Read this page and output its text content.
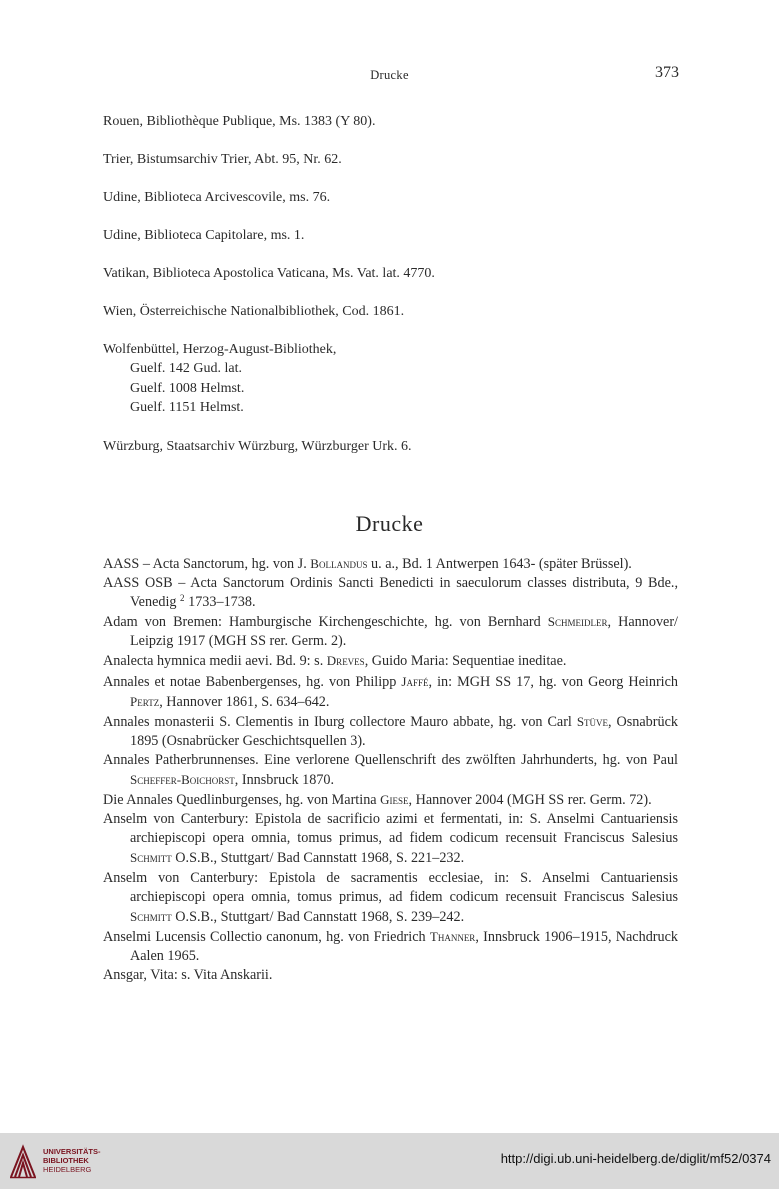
Drucke	373

Rouen, Bibliothèque Publique, Ms. 1383 (Y 80).

Trier, Bistumsarchiv Trier, Abt. 95, Nr. 62.

Udine, Biblioteca Arcivescovile, ms. 76.

Udine, Biblioteca Capitolare, ms. 1.

Vatikan, Biblioteca Apostolica Vaticana, Ms. Vat. lat. 4770.

Wien, Österreichische Nationalbibliothek, Cod. 1861.

Wolfenbüttel, Herzog-August-Bibliothek,

Guelf. 142 Gud. lat.
Guelf. 1008 Helmst.
Guelf. 1151 Helmst.

Würzburg, Staatsarchiv Würzburg, Würzburger Urk. 6.

Drucke

AASS – Acta Sanctorum, hg. von J. Bollandus u. a., Bd. 1 Antwerpen 1643- (später Brüssel).

AASS OSB – Acta Sanctorum Ordinis Sancti Benedicti in saeculorum classes distributa, 9 Bde., Venedig $^2$ 1733–1738.

Adam von Bremen: Hamburgische Kirchengeschichte, hg. von Bernhard Schmeidler, Hannover/ Leipzig 1917 (MGH SS rer. Germ. 2).

Analecta hymnica medii aevi. Bd. 9: s. Dreves, Guido Maria: Sequentiae ineditae.

Annales et notae Babenbergenses, hg. von Philipp Jaffé, in: MGH SS 17, hg. von Georg Heinrich Pertz, Hannover 1861, S. 634–642.

Annales monasterii S. Clementis in Iburg collectore Mauro abbate, hg. von Carl Stüve, Osnabrück 1895 (Osnabrücker Geschichtsquellen 3).

Annales Patherbrunnenses. Eine verlorene Quellenschrift des zwölften Jahrhunderts, hg. von Paul Scheffer-Boichorst, Innsbruck 1870.

Die Annales Quedlinburgenses, hg. von Martina Giese, Hannover 2004 (MGH SS rer. Germ. 72).

Anselm von Canterbury: Epistola de sacrificio azimi et fermentati, in: S. Anselmi Cantuariensis archiepiscopi opera omnia, tomus primus, ad fidem codicum recensuit Franciscus Salesius Schmitt O.S.B., Stuttgart/ Bad Cannstatt 1968, S. 221–232.

Anselm von Canterbury: Epistola de sacramentis ecclesiae, in: S. Anselmi Cantuariensis archiepiscopi opera omnia, tomus primus, ad fidem codicum recensuit Franciscus Salesius Schmitt O.S.B., Stuttgart/ Bad Cannstatt 1968, S. 239–242.

Anselmi Lucensis Collectio canonum, hg. von Friedrich Thanner, Innsbruck 1906–1915, Nachdruck Aalen 1965.

Ansgar, Vita: s. Vita Anskarii.

UNIVERSITÄTS-
BIBLIOTHEK
HEIDELBERG
http://digi.ub.uni-heidelberg.de/diglit/mf52/0374
